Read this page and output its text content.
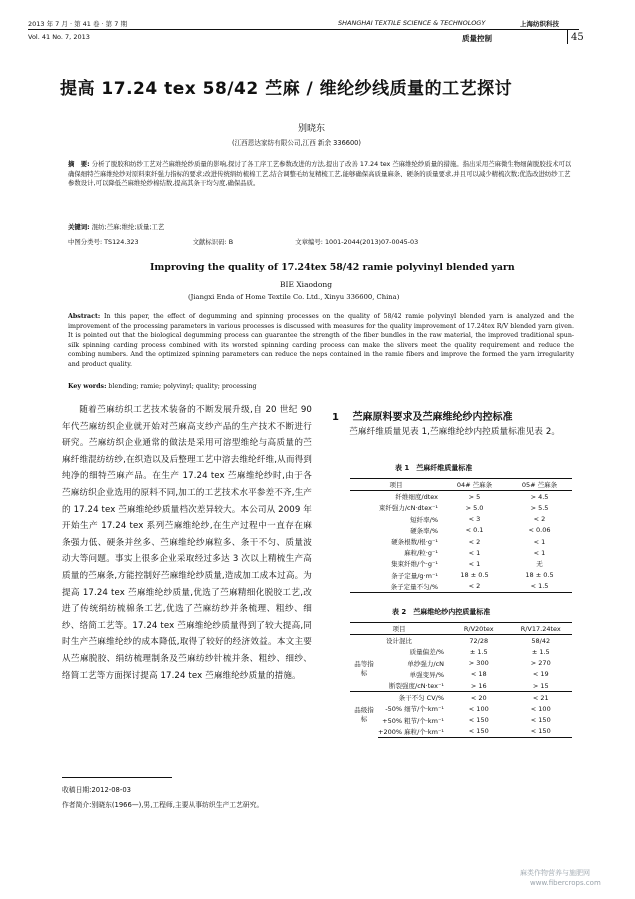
2013 年 7 月 · 第 41 卷 · 第 7 期	SHANGHAI TEXTILE SCIENCE & TECHNOLOGY	上海纺织科技
Vol. 41 No. 7, 2013	质量控制	45
提高 17.24 tex 58/42 苎麻 / 维纶纱线质量的工艺探讨
别晓东
(江西恩达家纺有限公司,江西 新余 336600)
摘　要: 分析了脱胶和纺纱工艺对苎麻维纶纱质量的影响,探讨了各工序工艺参数改进的方法,提出了改善 17.24 tex 苎麻维纶纱质量的措施。指出采用苎麻微生物细菌脱胶技术可以确保细特苎麻维纶纱对原料束纤强力指标的要求;改进传统绢纺梳棉工艺,结合调整毛纺复精梳工艺,能够确保高质量麻条、硬条的质量要求,并且可以减少精梳次数;优选改进纺纱工艺参数设计,可以降低苎麻维纶纱棉结数,提高其条干均匀度,确保品质。
关键词: 混纺;苎麻;维纶;质量;工艺
中图分类号: TS124.323	文献标识码: B	文章编号: 1001-2044(2013)07-0045-03
Improving the quality of 17.24tex 58/42 ramie polyvinyl blended yarn
BIE Xiaodong
(Jiangxi Enda of Home Textile Co. Ltd., Xinyu 336600, China)
Abstract: In this paper, the effect of degumming and spinning processes on the quality of 58/42 ramie polyvinyl blended yarn is analyzed and the improvement of the processing parameters in various processes is discussed with measures for the quality improvement of 17.24tex R/V blended yarn given. It is pointed out that the biological degumming process can guarantee the strength of the fiber bundles in the raw material, the improved traditional spun-silk spinning carding process combined with its worsted spinning carding process can make the slivers meet the quality requirement and reduce the combing numbers. And the optimized spinning parameters can reduce the neps contained in the ramie fibers and improve the formed the yarn irregularity and product quality.
Key words: blending; ramie; polyvinyl; quality; processing

随着苎麻纺织工艺技术装备的不断发展升级,自 20 世纪 90 年代苎麻纺织企业就开始对苎麻高支纱产品的生产技术不断进行研究。苎麻纺织企业通常的做法是采用可溶型维纶与高质量的苎麻纤维混纺纺纱,在织造以及后整理工艺中溶去维纶纤维,从而得到纯净的细特苎麻产品。在生产 17.24 tex 苎麻维纶纱时,由于各苎麻纺织企业选用的原料不同,加工的工艺技术水平参差不齐,生产的 17.24 tex 苎麻维纶纱质量档次差异较大。本公司从 2009 年开始生产 17.24 tex 系列苎麻维纶纱,在生产过程中一直存在麻条强力低、硬条并丝多、苎麻维纶纱麻粒多、条干不匀、质量波动大等问题。事实上很多企业采取经过多达 3 次以上精梳生产高质量的苎麻条,方能控制好苎麻维纶纱质量,造成加工成本过高。为提高 17.24 tex 苎麻维纶纱质量,优选了苎麻精细化脱胶工艺,改进了传统绢纺梳棉条工艺,优选了苎麻纺纱并条梳理、粗纱、细纱、络简工艺等。17.24 tex 苎麻维纶纱质量得到了较大提高,同时生产苎麻维纶纱的成本降低,取得了较好的经济效益。本文主要从苎麻脱胶、绢纺梳理制条及苎麻纺纱针梳并条、粗纱、细纱、络简工艺等方面探讨提高 17.24 tex 苎麻维纶纱质量的措施。

收稿日期:2012-08-03
作者简介:别晓东(1966—),男,工程师,主要从事纺织生产工艺研究。
1 苎麻原料要求及苎麻维纶纱内控标准

苎麻纤维质量见表 1,苎麻维纶纱内控质量标准见表 2。

表 1　苎麻纤维质量标准
项目	04# 苎麻条	05# 苎麻条
纤维细度/dtex	> 5	> 4.5
束纤强力/cN·dtex⁻¹	> 5.0	> 5.5
短纤率/%	< 3	< 2
硬条率/%	< 0.1	< 0.06
硬条根数/根·g⁻¹	< 2	< 1
麻粒/粒·g⁻¹	< 1	< 1
集束纤维/个·g⁻¹	< 1	无
条子定量/g·m⁻¹	18 ± 0.5	18 ± 0.5
条子定量不匀/%	< 2	< 1.5
表 2　苎麻维纶纱内控质量标准
项目		R/V20tex	R/V17.24tex
设计混比		72/28	58/42
品等指标	质量偏差/%	± 1.5	± 1.5
	单纱强力/cN	> 300	> 270
	单强变异/%	< 18	< 19
	断裂强度/cN·tex⁻¹	> 16	> 15
品级指标	条干不匀 CV/%	< 20	< 21
	-50% 细节/个·km⁻¹	< 100	< 100
	+50% 粗节/个·km⁻¹	< 150	< 150
	+200% 麻粒/个·km⁻¹	< 150	< 150
麻类作物营养与施肥网
www.fibercrops.com
